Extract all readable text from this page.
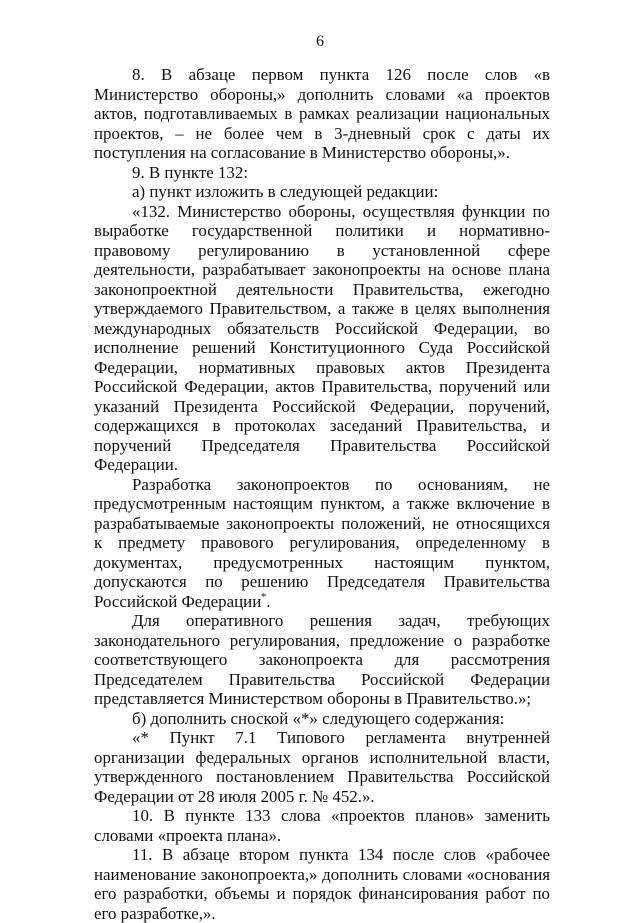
6

8. В абзаце первом пункта 126 после слов «в Министерство обороны,» дополнить словами «а проектов актов, подготавливаемых в рамках реализации национальных проектов, – не более чем в 3-дневный срок с даты их поступления на согласование в Министерство обороны,».

9. В пункте 132:

а) пункт изложить в следующей редакции:

«132. Министерство обороны, осуществляя функции по выработке государственной политики и нормативно-правовому регулированию в установленной сфере деятельности, разрабатывает законопроекты на основе плана законопроектной деятельности Правительства, ежегодно утверждаемого Правительством, а также в целях выполнения международных обязательств Российской Федерации, во исполнение решений Конституционного Суда Российской Федерации, нормативных правовых актов Президента Российской Федерации, актов Правительства, поручений или указаний Президента Российской Федерации, поручений, содержащихся в протоколах заседаний Правительства, и поручений Председателя Правительства Российской Федерации.

Разработка законопроектов по основаниям, не предусмотренным настоящим пунктом, а также включение в разрабатываемые законопроекты положений, не относящихся к предмету правового регулирования, определенному в документах, предусмотренных настоящим пунктом, допускаются по решению Председателя Правительства Российской Федерации*.

Для оперативного решения задач, требующих законодательного регулирования, предложение о разработке соответствующего законопроекта для рассмотрения Председателем Правительства Российской Федерации представляется Министерством обороны в Правительство.»;

б) дополнить сноской «*» следующего содержания:

«* Пункт 7.1 Типового регламента внутренней организации федеральных органов исполнительной власти, утвержденного постановлением Правительства Российской Федерации от 28 июля 2005 г. № 452.».

10. В пункте 133 слова «проектов планов» заменить словами «проекта плана».

11. В абзаце втором пункта 134 после слов «рабочее наименование законопроекта,» дополнить словами «основания его разработки, объемы и порядок финансирования работ по его разработке,».
